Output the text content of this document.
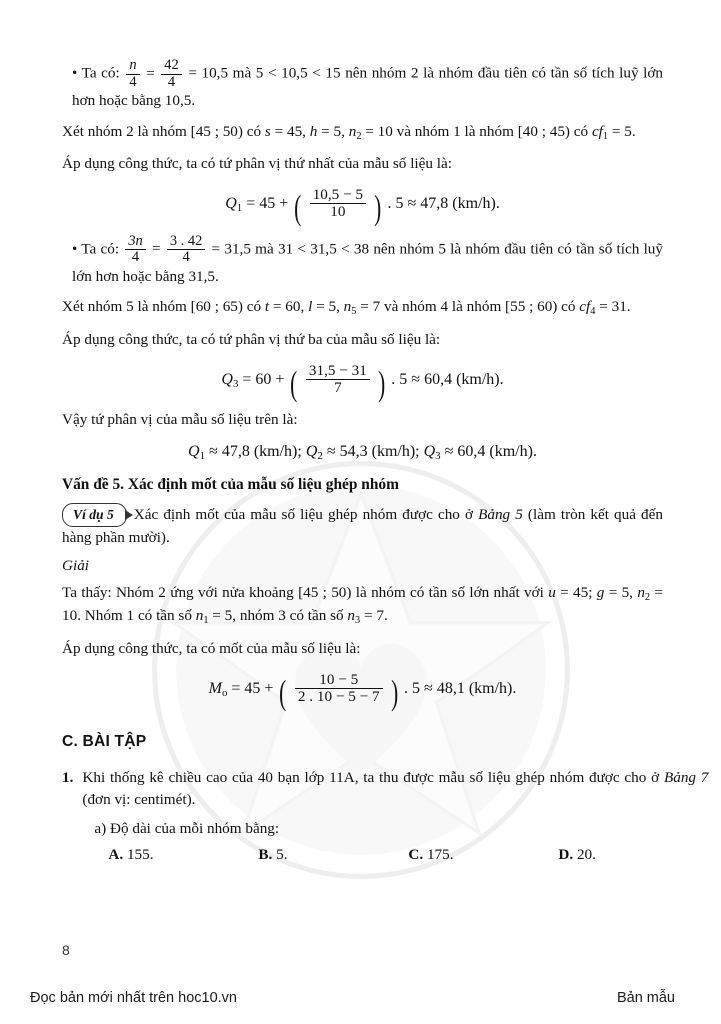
• Ta có: $\frac{n}{4} = \frac{42}{4} = 10,5$ mà 5 < 10,5 < 15 nên nhóm 2 là nhóm đầu tiên có tần số tích luỹ lớn hơn hoặc bằng 10,5.
Xét nhóm 2 là nhóm [45 ; 50) có s = 45, h = 5, $n_2 = 10$ và nhóm 1 là nhóm [40 ; 45) có $cf_1 = 5$.
Áp dụng công thức, ta có tứ phân vị thứ nhất của mẫu số liệu là:
$Q_1 = 45$ + ( $\frac{10,5 - 5}{10}$ ) . 5 ≈ 47,8 (km/h).
• Ta có: $\frac{3n}{4} = \frac{3 . 42}{4} = 31,5$ mà 31 < 31,5 < 38 nên nhóm 5 là nhóm đầu tiên có tần số tích luỹ lớn hơn hoặc bằng 31,5.
Xét nhóm 5 là nhóm [60 ; 65) có t = 60, l = 5, $n_5 = 7$ và nhóm 4 là nhóm [55 ; 60) có $cf_4 = 31$.
Áp dụng công thức, ta có tứ phân vị thứ ba của mẫu số liệu là:
$Q_3 = 60$ + ( $\frac{31,5 - 31}{7}$ ) . 5 ≈ 60,4 (km/h).
Vậy tứ phân vị của mẫu số liệu trên là:
$Q_1 \approx 47,8$ (km/h); $Q_2 \approx 54,3$ (km/h); $Q_3 \approx 60,4$ (km/h).
Vấn đề 5. Xác định mốt của mẫu số liệu ghép nhóm
Ví dụ 5 Xác định mốt của mẫu số liệu ghép nhóm được cho ở Bảng 5 (làm tròn kết quả đến hàng phần mười).
Giải
Ta thấy: Nhóm 2 ứng với nửa khoảng [45 ; 50) là nhóm có tần số lớn nhất với u = 45; g = 5, $n_2 = 10$. Nhóm 1 có tần số $n_1 = 5$, nhóm 3 có tần số $n_3 = 7$.
Áp dụng công thức, ta có mốt của mẫu số liệu là:
$M_o = 45$ + ( $\frac{10 - 5}{2 . 10 - 5 - 7}$ ) . 5 ≈ 48,1 (km/h).
C. BÀI TẬP
1. Khi thống kê chiều cao của 40 bạn lớp 11A, ta thu được mẫu số liệu ghép nhóm được cho ở Bảng 7 (đơn vị: centimét).
a) Độ dài của mỗi nhóm bằng:
A. 155.	B. 5.	C. 175.	D. 20.
8
Đọc bản mới nhất trên hoc10.vn	Bản mẫu
